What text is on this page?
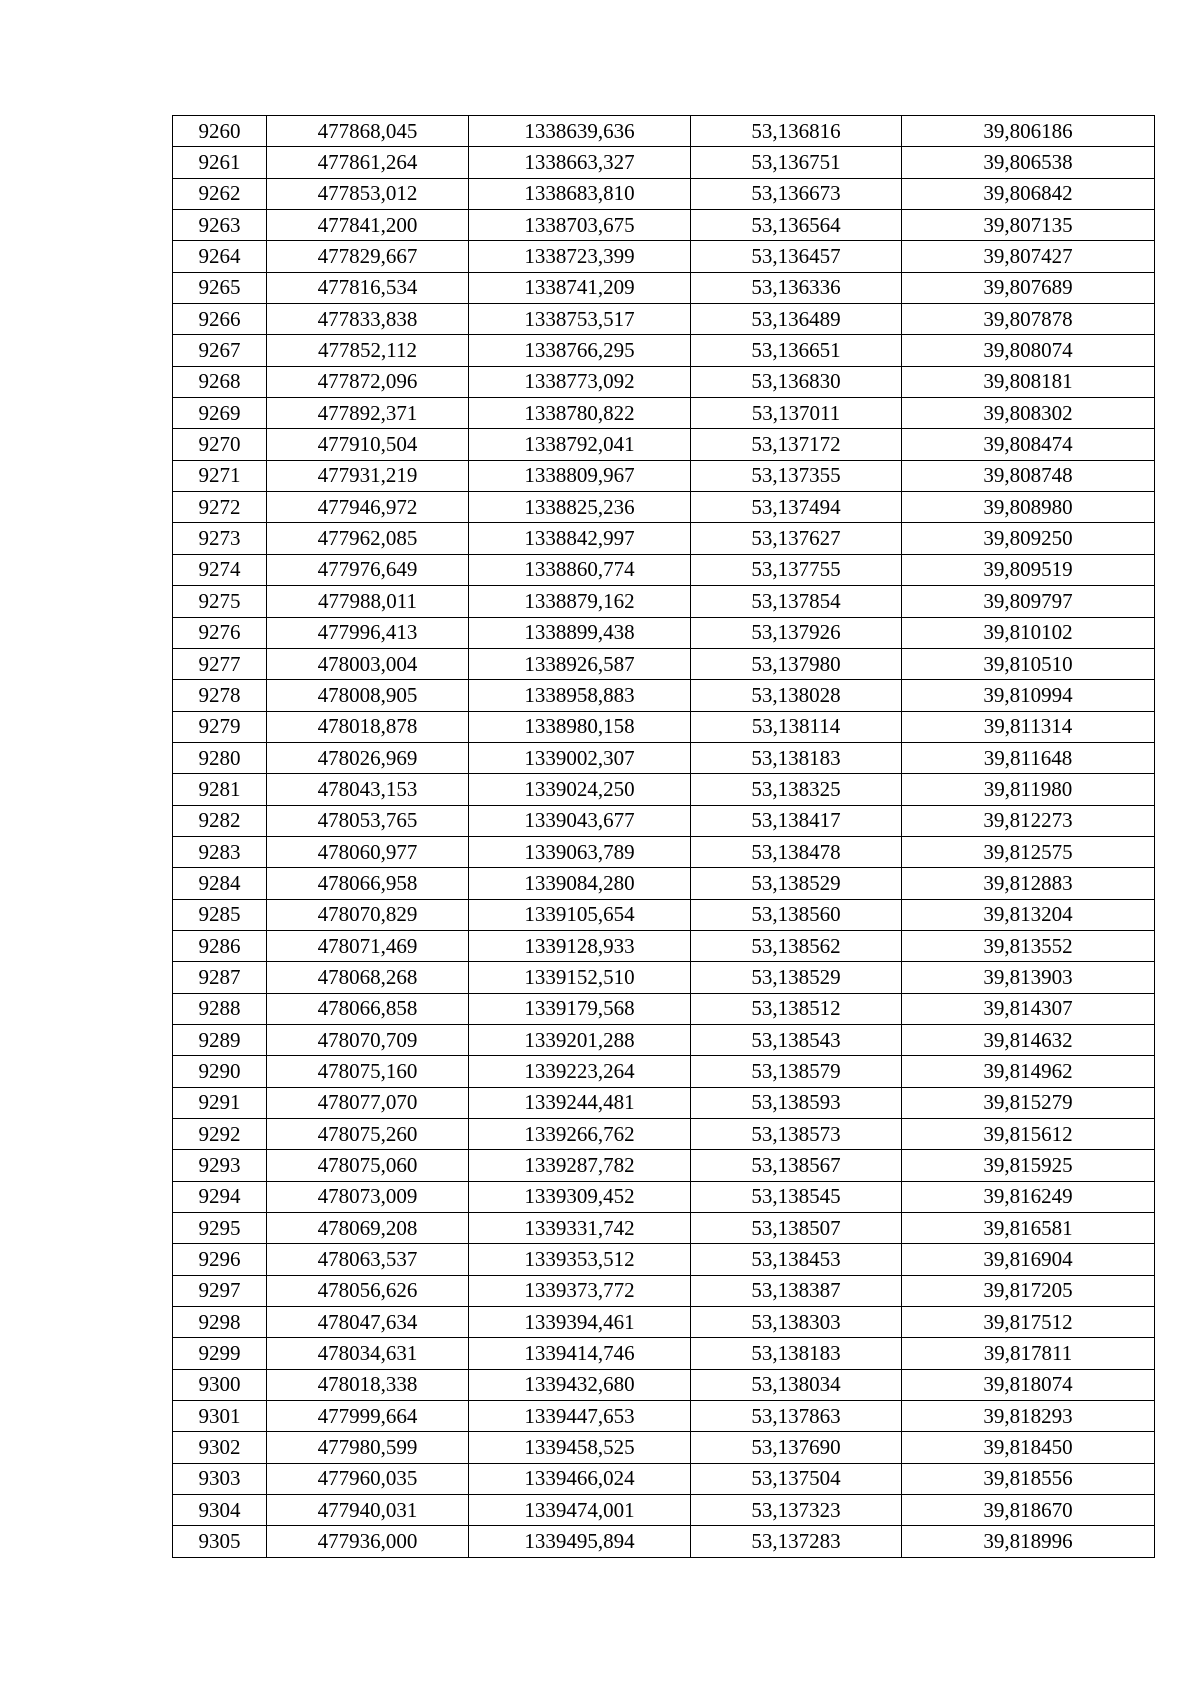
9260	477868,045	1338639,636	53,136816	39,806186
9261	477861,264	1338663,327	53,136751	39,806538
9262	477853,012	1338683,810	53,136673	39,806842
9263	477841,200	1338703,675	53,136564	39,807135
9264	477829,667	1338723,399	53,136457	39,807427
9265	477816,534	1338741,209	53,136336	39,807689
9266	477833,838	1338753,517	53,136489	39,807878
9267	477852,112	1338766,295	53,136651	39,808074
9268	477872,096	1338773,092	53,136830	39,808181
9269	477892,371	1338780,822	53,137011	39,808302
9270	477910,504	1338792,041	53,137172	39,808474
9271	477931,219	1338809,967	53,137355	39,808748
9272	477946,972	1338825,236	53,137494	39,808980
9273	477962,085	1338842,997	53,137627	39,809250
9274	477976,649	1338860,774	53,137755	39,809519
9275	477988,011	1338879,162	53,137854	39,809797
9276	477996,413	1338899,438	53,137926	39,810102
9277	478003,004	1338926,587	53,137980	39,810510
9278	478008,905	1338958,883	53,138028	39,810994
9279	478018,878	1338980,158	53,138114	39,811314
9280	478026,969	1339002,307	53,138183	39,811648
9281	478043,153	1339024,250	53,138325	39,811980
9282	478053,765	1339043,677	53,138417	39,812273
9283	478060,977	1339063,789	53,138478	39,812575
9284	478066,958	1339084,280	53,138529	39,812883
9285	478070,829	1339105,654	53,138560	39,813204
9286	478071,469	1339128,933	53,138562	39,813552
9287	478068,268	1339152,510	53,138529	39,813903
9288	478066,858	1339179,568	53,138512	39,814307
9289	478070,709	1339201,288	53,138543	39,814632
9290	478075,160	1339223,264	53,138579	39,814962
9291	478077,070	1339244,481	53,138593	39,815279
9292	478075,260	1339266,762	53,138573	39,815612
9293	478075,060	1339287,782	53,138567	39,815925
9294	478073,009	1339309,452	53,138545	39,816249
9295	478069,208	1339331,742	53,138507	39,816581
9296	478063,537	1339353,512	53,138453	39,816904
9297	478056,626	1339373,772	53,138387	39,817205
9298	478047,634	1339394,461	53,138303	39,817512
9299	478034,631	1339414,746	53,138183	39,817811
9300	478018,338	1339432,680	53,138034	39,818074
9301	477999,664	1339447,653	53,137863	39,818293
9302	477980,599	1339458,525	53,137690	39,818450
9303	477960,035	1339466,024	53,137504	39,818556
9304	477940,031	1339474,001	53,137323	39,818670
9305	477936,000	1339495,894	53,137283	39,818996
